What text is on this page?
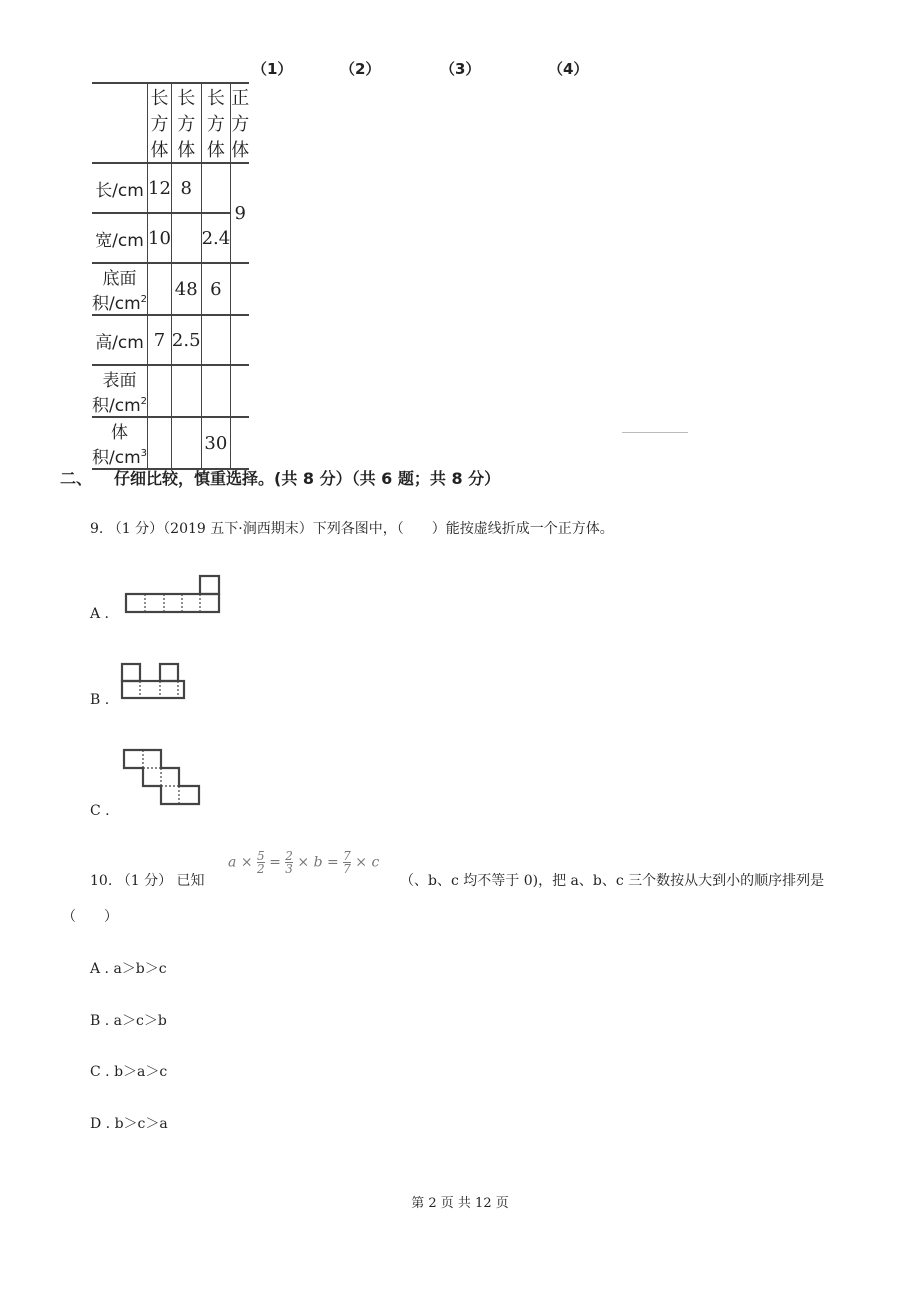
（1）	（2）	（3）	（4）
	长方体	长方体	长方体	正方体
长/cm	12	8		9
宽/cm	10		2.4	
底面积$/cm^2$		48	6	
高/cm	7	2.5		
表面积$/cm^2$				
体积$/cm^3$			30	
二、 仔细比较，慎重选择。(共 8 分）（共 6 题；共 8 分）
9. （1 分）（2019 五下·涧西期末）下列各图中，（　　）能按虚线折成一个正方体。
A .
B .
C .
10. （1 分） 已知
$a \times \frac{5}{2} = \frac{2}{3} \times b = \frac{7}{7} \times c$
（、b、c 均不等于 0)，把 a、b、c 三个数按从大到小的顺序排列是
（　　）
A . a＞b＞c
B . a＞c＞b
C . b＞a＞c
D . b＞c＞a
第 2 页 共 12 页
